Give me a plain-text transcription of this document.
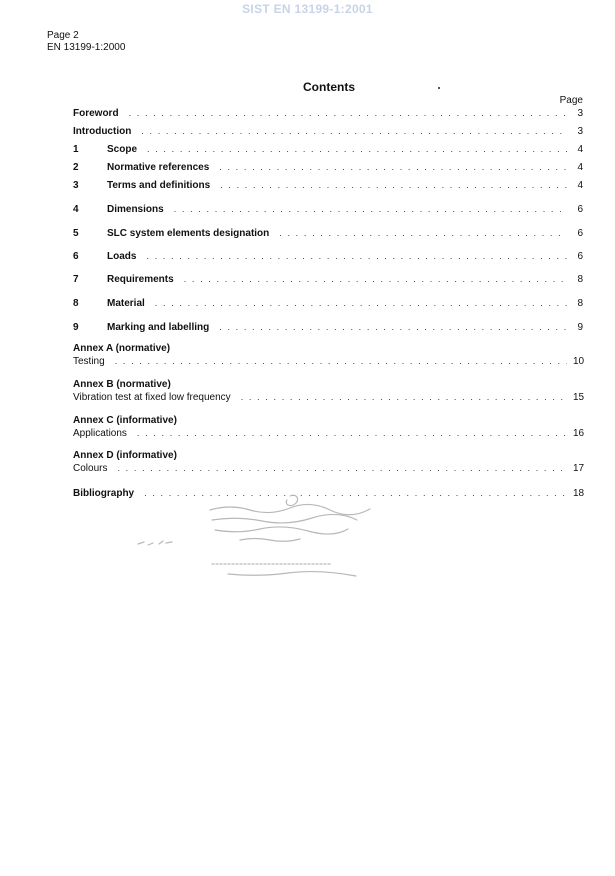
SIST EN 13199-1:2001
Page 2
EN 13199-1:2000
Contents
Page
Foreword . . .	3
Introduction . . .	3
1	Scope . . .	4
2	Normative references . . .	4
3	Terms and definitions . . .	4
4	Dimensions . . .	6
5	SLC system elements designation . . .	6
6	Loads . . .	6
7	Requirements . . .	8
8	Material . . .	8
9	Marking and labelling . . .	9
Annex A (normative)
Testing . . .	10
Annex B (normative)
Vibration test at fixed low frequency . . .	15
Annex C (informative)
Applications . . .	16
Annex D (informative)
Colours . . .	17
Bibliography . . .	18
